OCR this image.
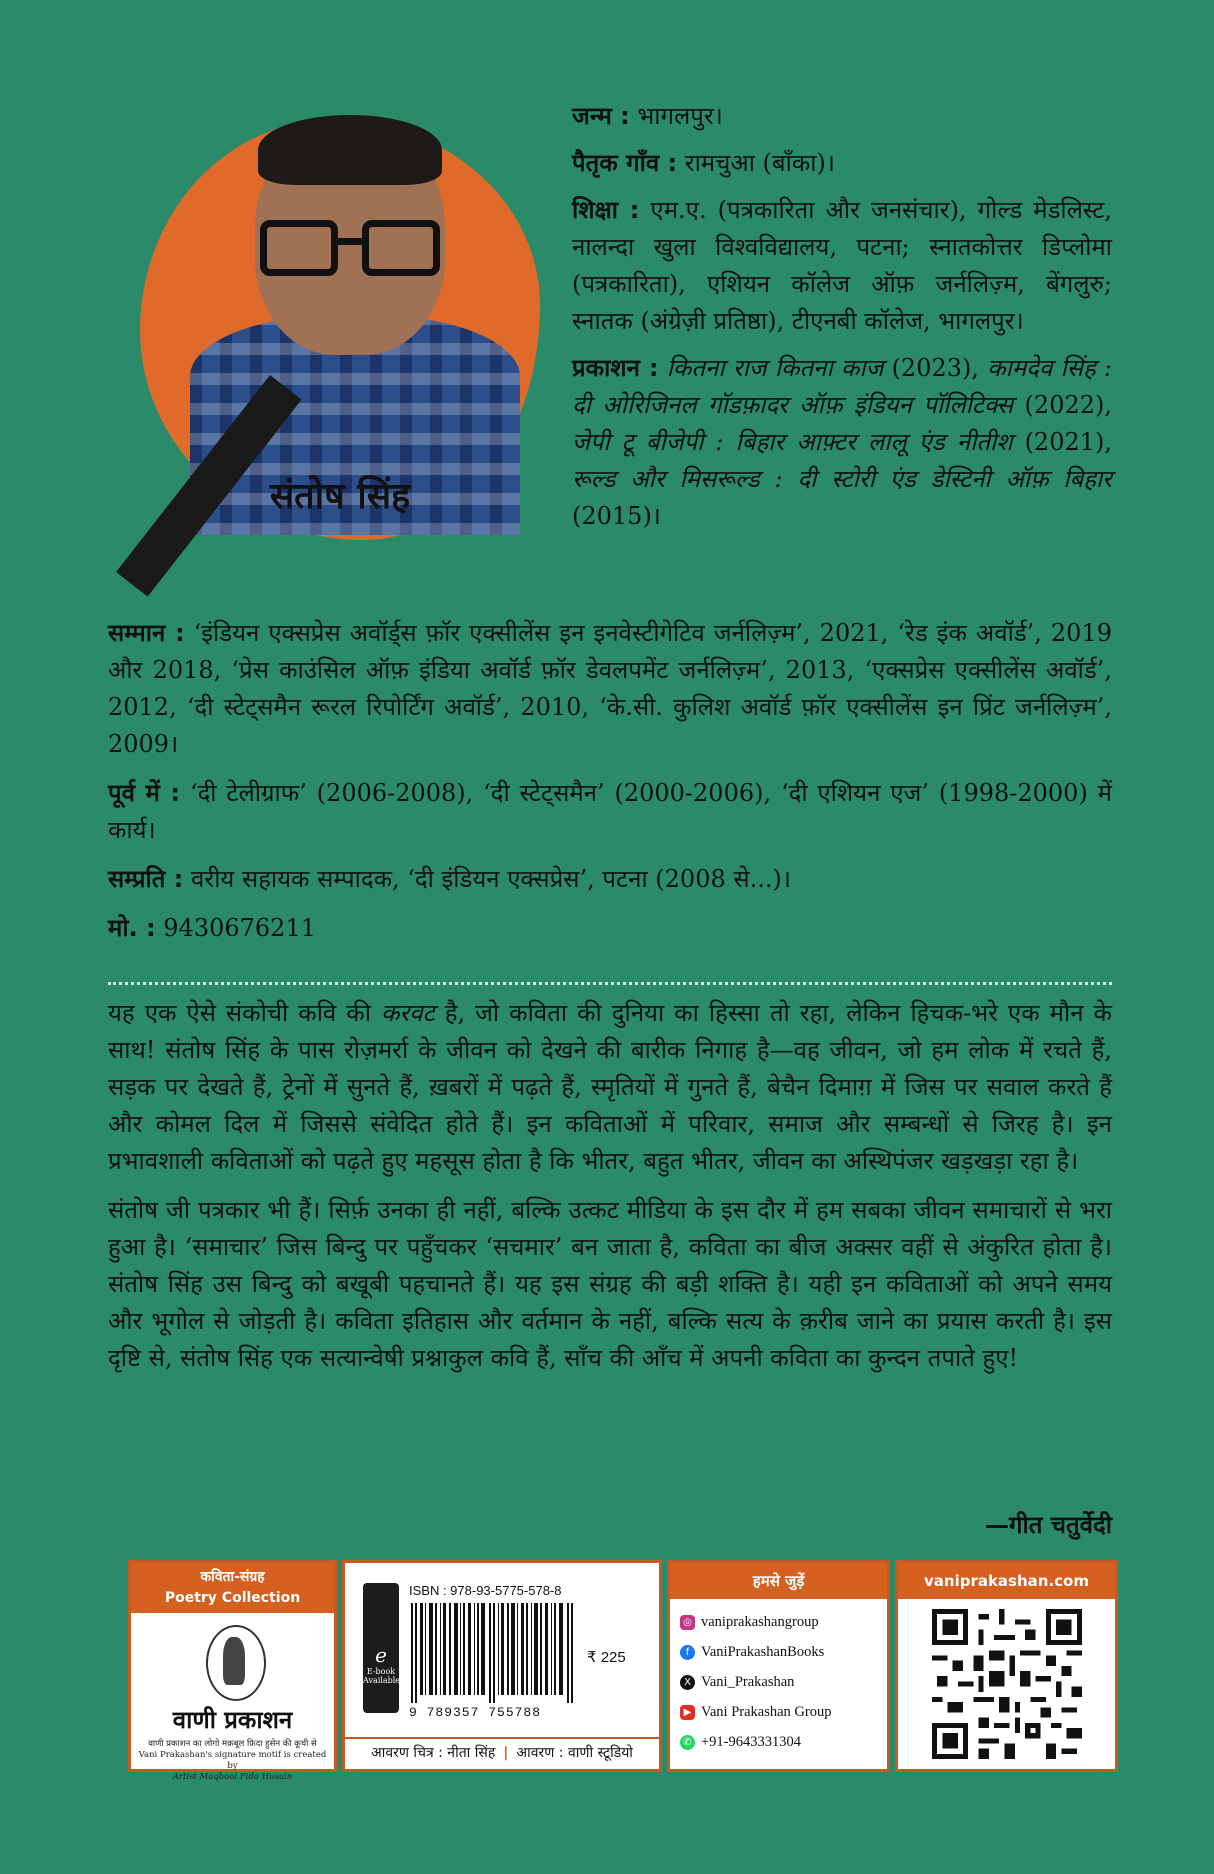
संतोष सिंह

जन्म : भागलपुर।

पैतृक गाँव : रामचुआ (बाँका)।

शिक्षा : एम.ए. (पत्रकारिता और जनसंचार), गोल्ड मेडलिस्ट, नालन्दा खुला विश्वविद्यालय, पटना; स्नातकोत्तर डिप्लोमा (पत्रकारिता), एशियन कॉलेज ऑफ़ जर्नलिज़्म, बेंगलुरु; स्नातक (अंग्रेज़ी प्रतिष्ठा), टीएनबी कॉलेज, भागलपुर।

प्रकाशन : कितना राज कितना काज (2023), कामदेव सिंह : दी ओरिजिनल गॉडफ़ादर ऑफ़ इंडियन पॉलिटिक्स (2022), जेपी टू बीजेपी : बिहार आफ़्टर लालू एंड नीतीश (2021), रूल्ड और मिसरूल्ड : दी स्टोरी एंड डेस्टिनी ऑफ़ बिहार (2015)।

सम्मान : ‘इंडियन एक्सप्रेस अवॉर्ड्स फ़ॉर एक्सीलेंस इन इनवेस्टीगेटिव जर्नलिज़्म’, 2021, ‘रेड इंक अवॉर्ड’, 2019 और 2018, ‘प्रेस काउंसिल ऑफ़ इंडिया अवॉर्ड फ़ॉर डेवलपमेंट जर्नलिज़्म’, 2013, ‘एक्सप्रेस एक्सीलेंस अवॉर्ड’, 2012, ‘दी स्टेट्समैन रूरल रिपोर्टिंग अवॉर्ड’, 2010, ‘के.सी. कुलिश अवॉर्ड फ़ॉर एक्सीलेंस इन प्रिंट जर्नलिज़्म’, 2009।

पूर्व में : ‘दी टेलीग्राफ’ (2006-2008), ‘दी स्टेट्समैन’ (2000-2006), ‘दी एशियन एज’ (1998-2000) में कार्य।

सम्प्रति : वरीय सहायक सम्पादक, ‘दी इंडियन एक्सप्रेस’, पटना (2008 से...)।

मो. : 9430676211

यह एक ऐसे संकोची कवि की करवट है, जो कविता की दुनिया का हिस्सा तो रहा, लेकिन हिचक-भरे एक मौन के साथ! संतोष सिंह के पास रोज़मर्रा के जीवन को देखने की बारीक निगाह है—वह जीवन, जो हम लोक में रचते हैं, सड़क पर देखते हैं, ट्रेनों में सुनते हैं, ख़बरों में पढ़ते हैं, स्मृतियों में गुनते हैं, बेचैन दिमाग़ में जिस पर सवाल करते हैं और कोमल दिल में जिससे संवेदित होते हैं। इन कविताओं में परिवार, समाज और सम्बन्धों से जिरह है। इन प्रभावशाली कविताओं को पढ़ते हुए महसूस होता है कि भीतर, बहुत भीतर, जीवन का अस्थिपंजर खड़खड़ा रहा है।

संतोष जी पत्रकार भी हैं। सिर्फ़ उनका ही नहीं, बल्कि उत्कट मीडिया के इस दौर में हम सबका जीवन समाचारों से भरा हुआ है। ‘समाचार’ जिस बिन्दु पर पहुँचकर ‘सचमार’ बन जाता है, कविता का बीज अक्सर वहीं से अंकुरित होता है। संतोष सिंह उस बिन्दु को बखूबी पहचानते हैं। यह इस संग्रह की बड़ी शक्ति है। यही इन कविताओं को अपने समय और भूगोल से जोड़ती है। कविता इतिहास और वर्तमान के नहीं, बल्कि सत्य के क़रीब जाने का प्रयास करती है। इस दृष्टि से, संतोष सिंह एक सत्यान्वेषी प्रश्नाकुल कवि हैं, साँच की आँच में अपनी कविता का कुन्दन तपाते हुए!

—गीत चतुर्वेदी
कविता-संग्रह
Poetry Collection
वाणी प्रकाशन
वाणी प्रकाशन का लोगो मक़बूल फ़िदा हुसेन की कूची से
Vani Prakashan's signature motif is created by
Artist Maqbool Fida Husain
e
E-book Available
ISBN : 978-93-5775-578-8
9 789357 755788
₹ 225
आवरण चित्र : नीता सिंह | आवरण : वाणी स्टूडियो
हमसे जुड़ें
◎ vaniprakashangroup
f VaniPrakashanBooks
X Vani_Prakashan
▶ Vani Prakashan Group
✆ +91-9643331304
vaniprakashan.com
